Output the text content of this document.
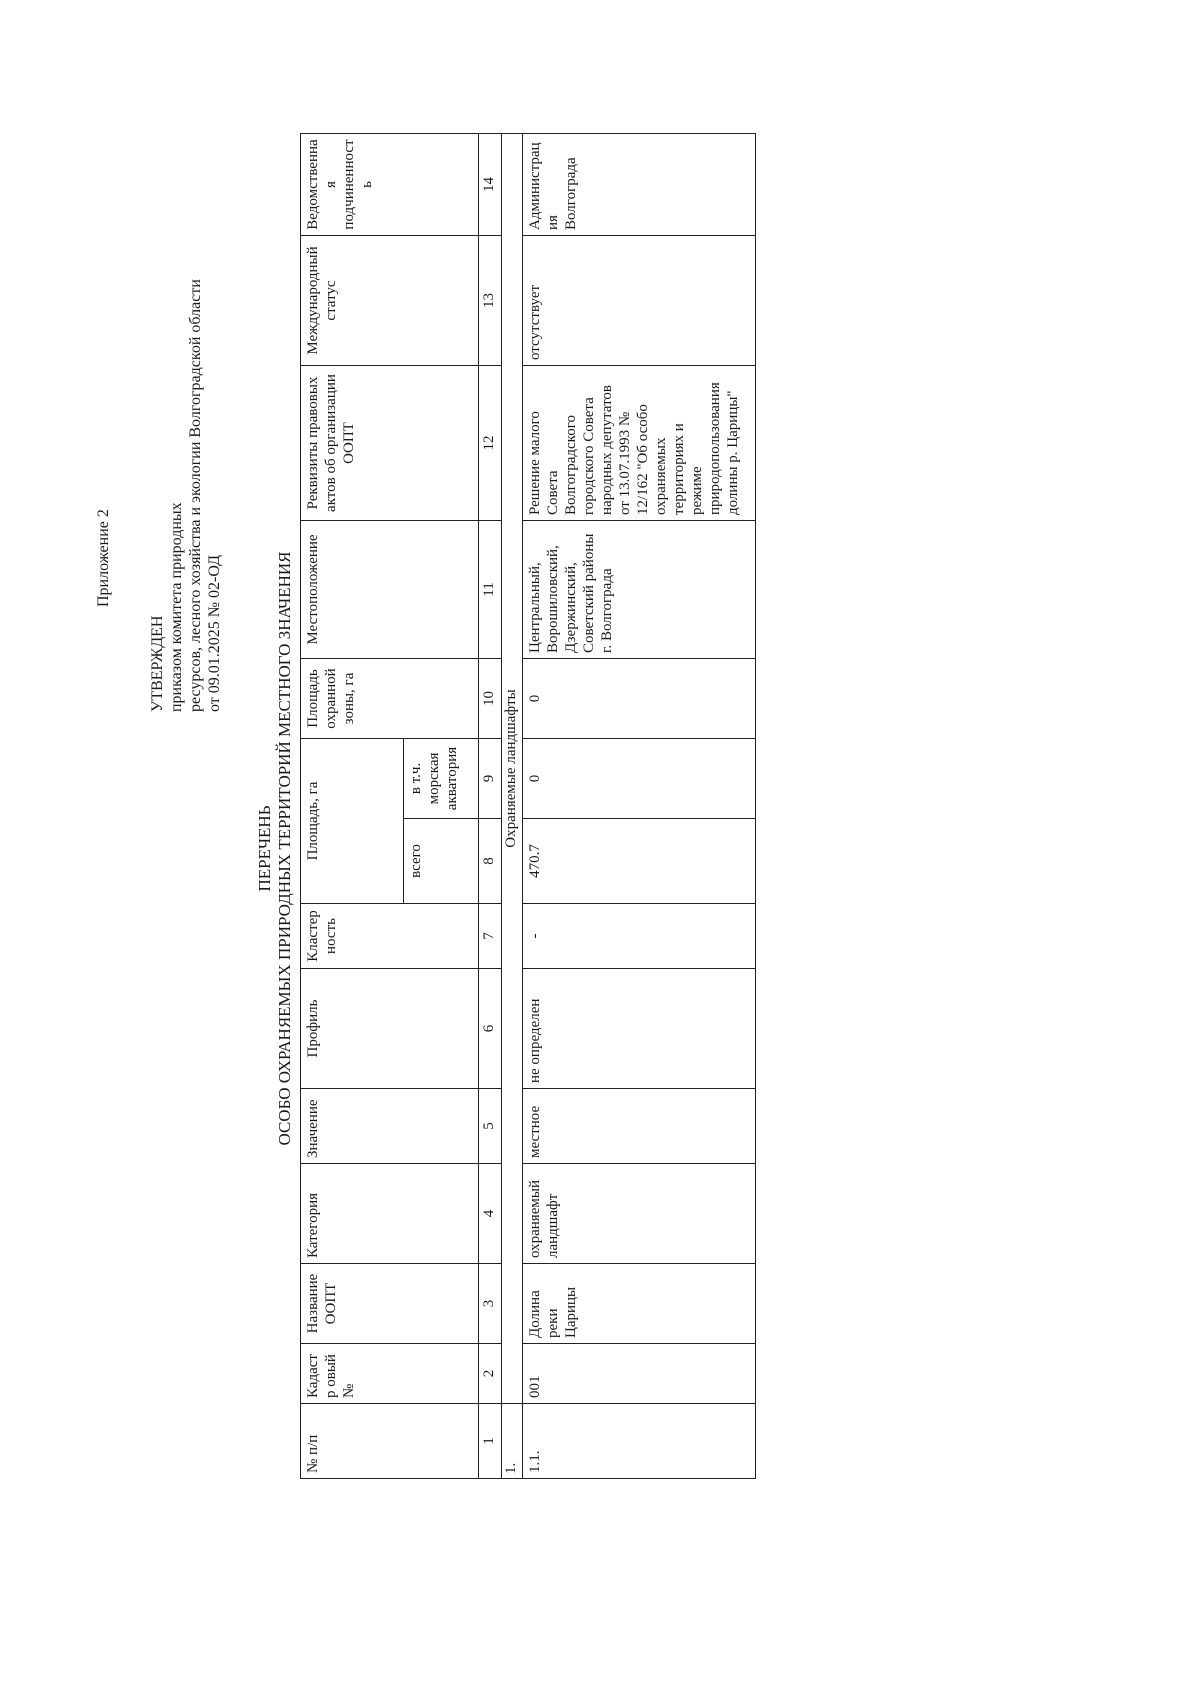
Приложение 2
УТВЕРЖДЕН приказом комитета природных ресурсов, лесного хозяйства и экологии Волгоградской области от 09.01.2025 № 02-ОД
ПЕРЕЧЕНЬ ОСОБО ОХРАНЯЕМЫХ ПРИРОДНЫХ ТЕРРИТОРИЙ МЕСТНОГО ЗНАЧЕНИЯ
№ п/п	Кадастр овый №	Название ООПТ	Категория	Значение	Профиль	Кластер ность	Площадь, га		Площадь охранной зоны, га	Местоположение	Реквизиты правовых актов об организации ООПТ	Международный статус	Ведомственная подчиненность
							всего	в т.ч. морская акватория					
1	2	3	4	5	6	7	8	9	10	11	12	13	14
1.	Охраняемые ландшафты												
1.1.	001	Долина реки Царицы	охраняемый ландшафт	местное	не определен	-	470.7	0	0	Центральный, Ворошиловский, Дзержинский, Советский районы г. Волгограда	Решение малого Совета Волгоградского городского Совета народных депутатов от 13.07.1993 № 12/162 "Об особо охраняемых территориях и режиме природопользования долины р. Царицы"	отсутствует	Администрация Волгограда
